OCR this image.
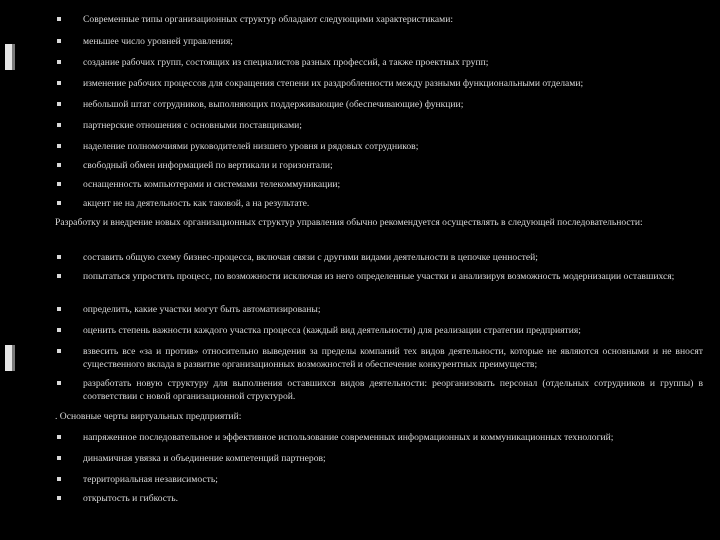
Современные типы организационных структур обладают следующими характеристиками:
меньшее число уровней управления;
создание рабочих групп, состоящих из специалистов разных профессий, а также проектных групп;
изменение рабочих процессов для сокращения степени их раздробленности между разными функциональными отделами;
небольшой штат сотрудников, выполняющих поддерживающие (обеспечивающие) функции;
партнерские отношения с основными поставщиками;
наделение полномочиями руководителей низшего уровня и рядовых сотрудников;
свободный обмен информацией по вертикали и горизонтали;
оснащенность компьютерами и системами телекоммуникации;
акцент не на деятельность как таковой, а на результате.
Разработку и внедрение новых организационных структур управления обычно рекомендуется осуществлять в следующей последовательности:
составить общую схему бизнес-процесса, включая связи с другими видами деятельности в цепочке ценностей;
попытаться упростить процесс, по возможности исключая из него определенные участки и анализируя возможность модернизации оставшихся;
определить, какие участки могут быть автоматизированы;
оценить степень важности каждого участка процесса (каждый вид деятельности) для реализации стратегии предприятия;
взвесить все «за и против» относительно выведения за пределы компаний тех видов деятельности, которые не являются основными и не вносят существенного вклада в развитие организационных возможностей и обеспечение конкурентных преимуществ;
разработать новую структуру для выполнения оставшихся видов деятельности: реорганизовать персонал (отдельных сотрудников и группы) в соответствии с новой организационной структурой.
. Основные черты виртуальных предприятий:
напряженное последовательное и эффективное использование современных информационных и коммуникационных технологий;
динамичная увязка и объединение компетенций партнеров;
территориальная независимость;
открытость и гибкость.
